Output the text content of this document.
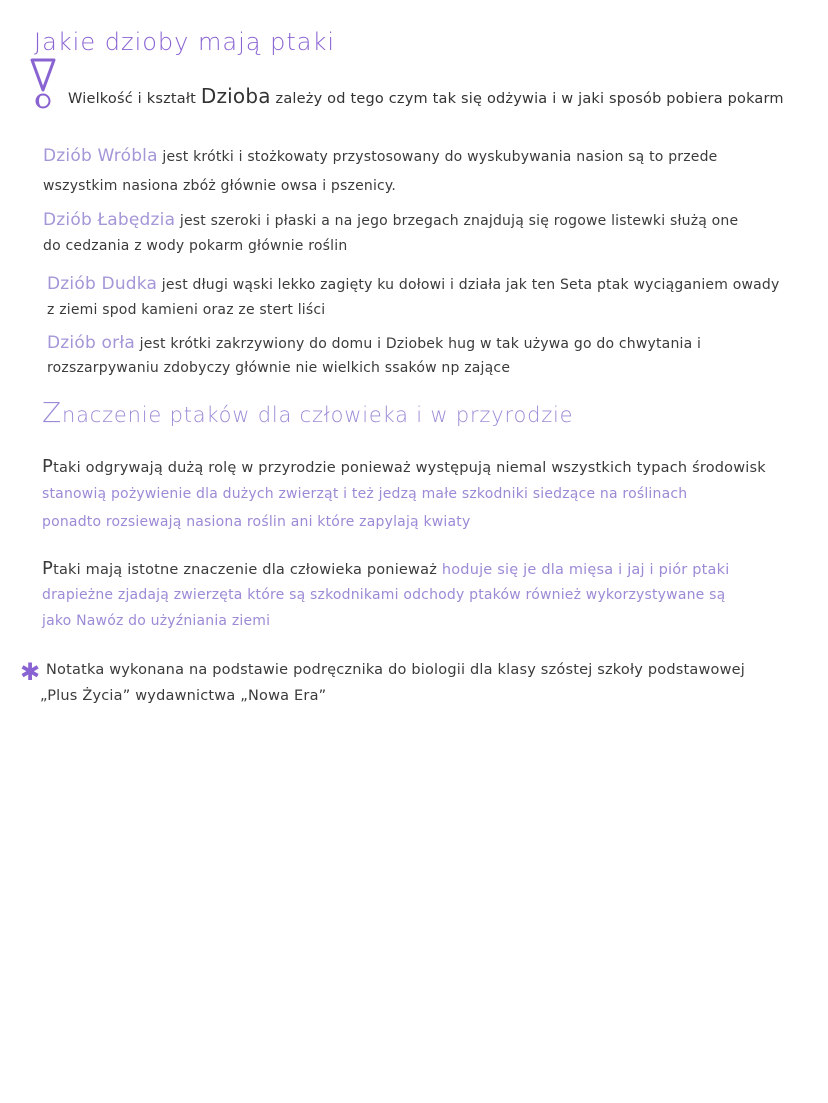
Jakie dzioby mają ptaki
Wielkość i kształt Dzioba zależy od tego czym tak się odżywia i w jaki sposób pobiera pokarm
Dziób Wróbla jest krótki i stożkowaty przystosowany do wyskubywania nasion są to przede
wszystkim nasiona zbóż głównie owsa i pszenicy.
Dziób Łabędzia jest szeroki i płaski a na jego brzegach znajdują się rogowe listewki służą one
do cedzania z wody pokarm głównie roślin
Dziób Dudka jest długi wąski lekko zagięty ku dołowi i działa jak ten Seta ptak wyciąganiem owady
z ziemi spod kamieni oraz ze stert liści
Dziób orła jest krótki zakrzywiony do domu i Dziobek hug w tak używa go do chwytania i
rozszarpywaniu zdobyczy głównie nie wielkich ssaków np zające
Znaczenie ptaków dla człowieka i w przyrodzie
Ptaki odgrywają dużą rolę w przyrodzie ponieważ występują niemal wszystkich typach środowisk
stanowią pożywienie dla dużych zwierząt i też jedzą małe szkodniki siedzące na roślinach
ponadto rozsiewają nasiona roślin ani które zapylają kwiaty
Ptaki mają istotne znaczenie dla człowieka ponieważ hoduje się je dla mięsa i jaj i piór ptaki
drapieżne zjadają zwierzęta które są szkodnikami odchody ptaków również wykorzystywane są
jako Nawóz do użyźniania ziemi
✱ Notatka wykonana na podstawie podręcznika do biologii dla klasy szóstej szkoły podstawowej
„Plus Życia” wydawnictwa „Nowa Era”
